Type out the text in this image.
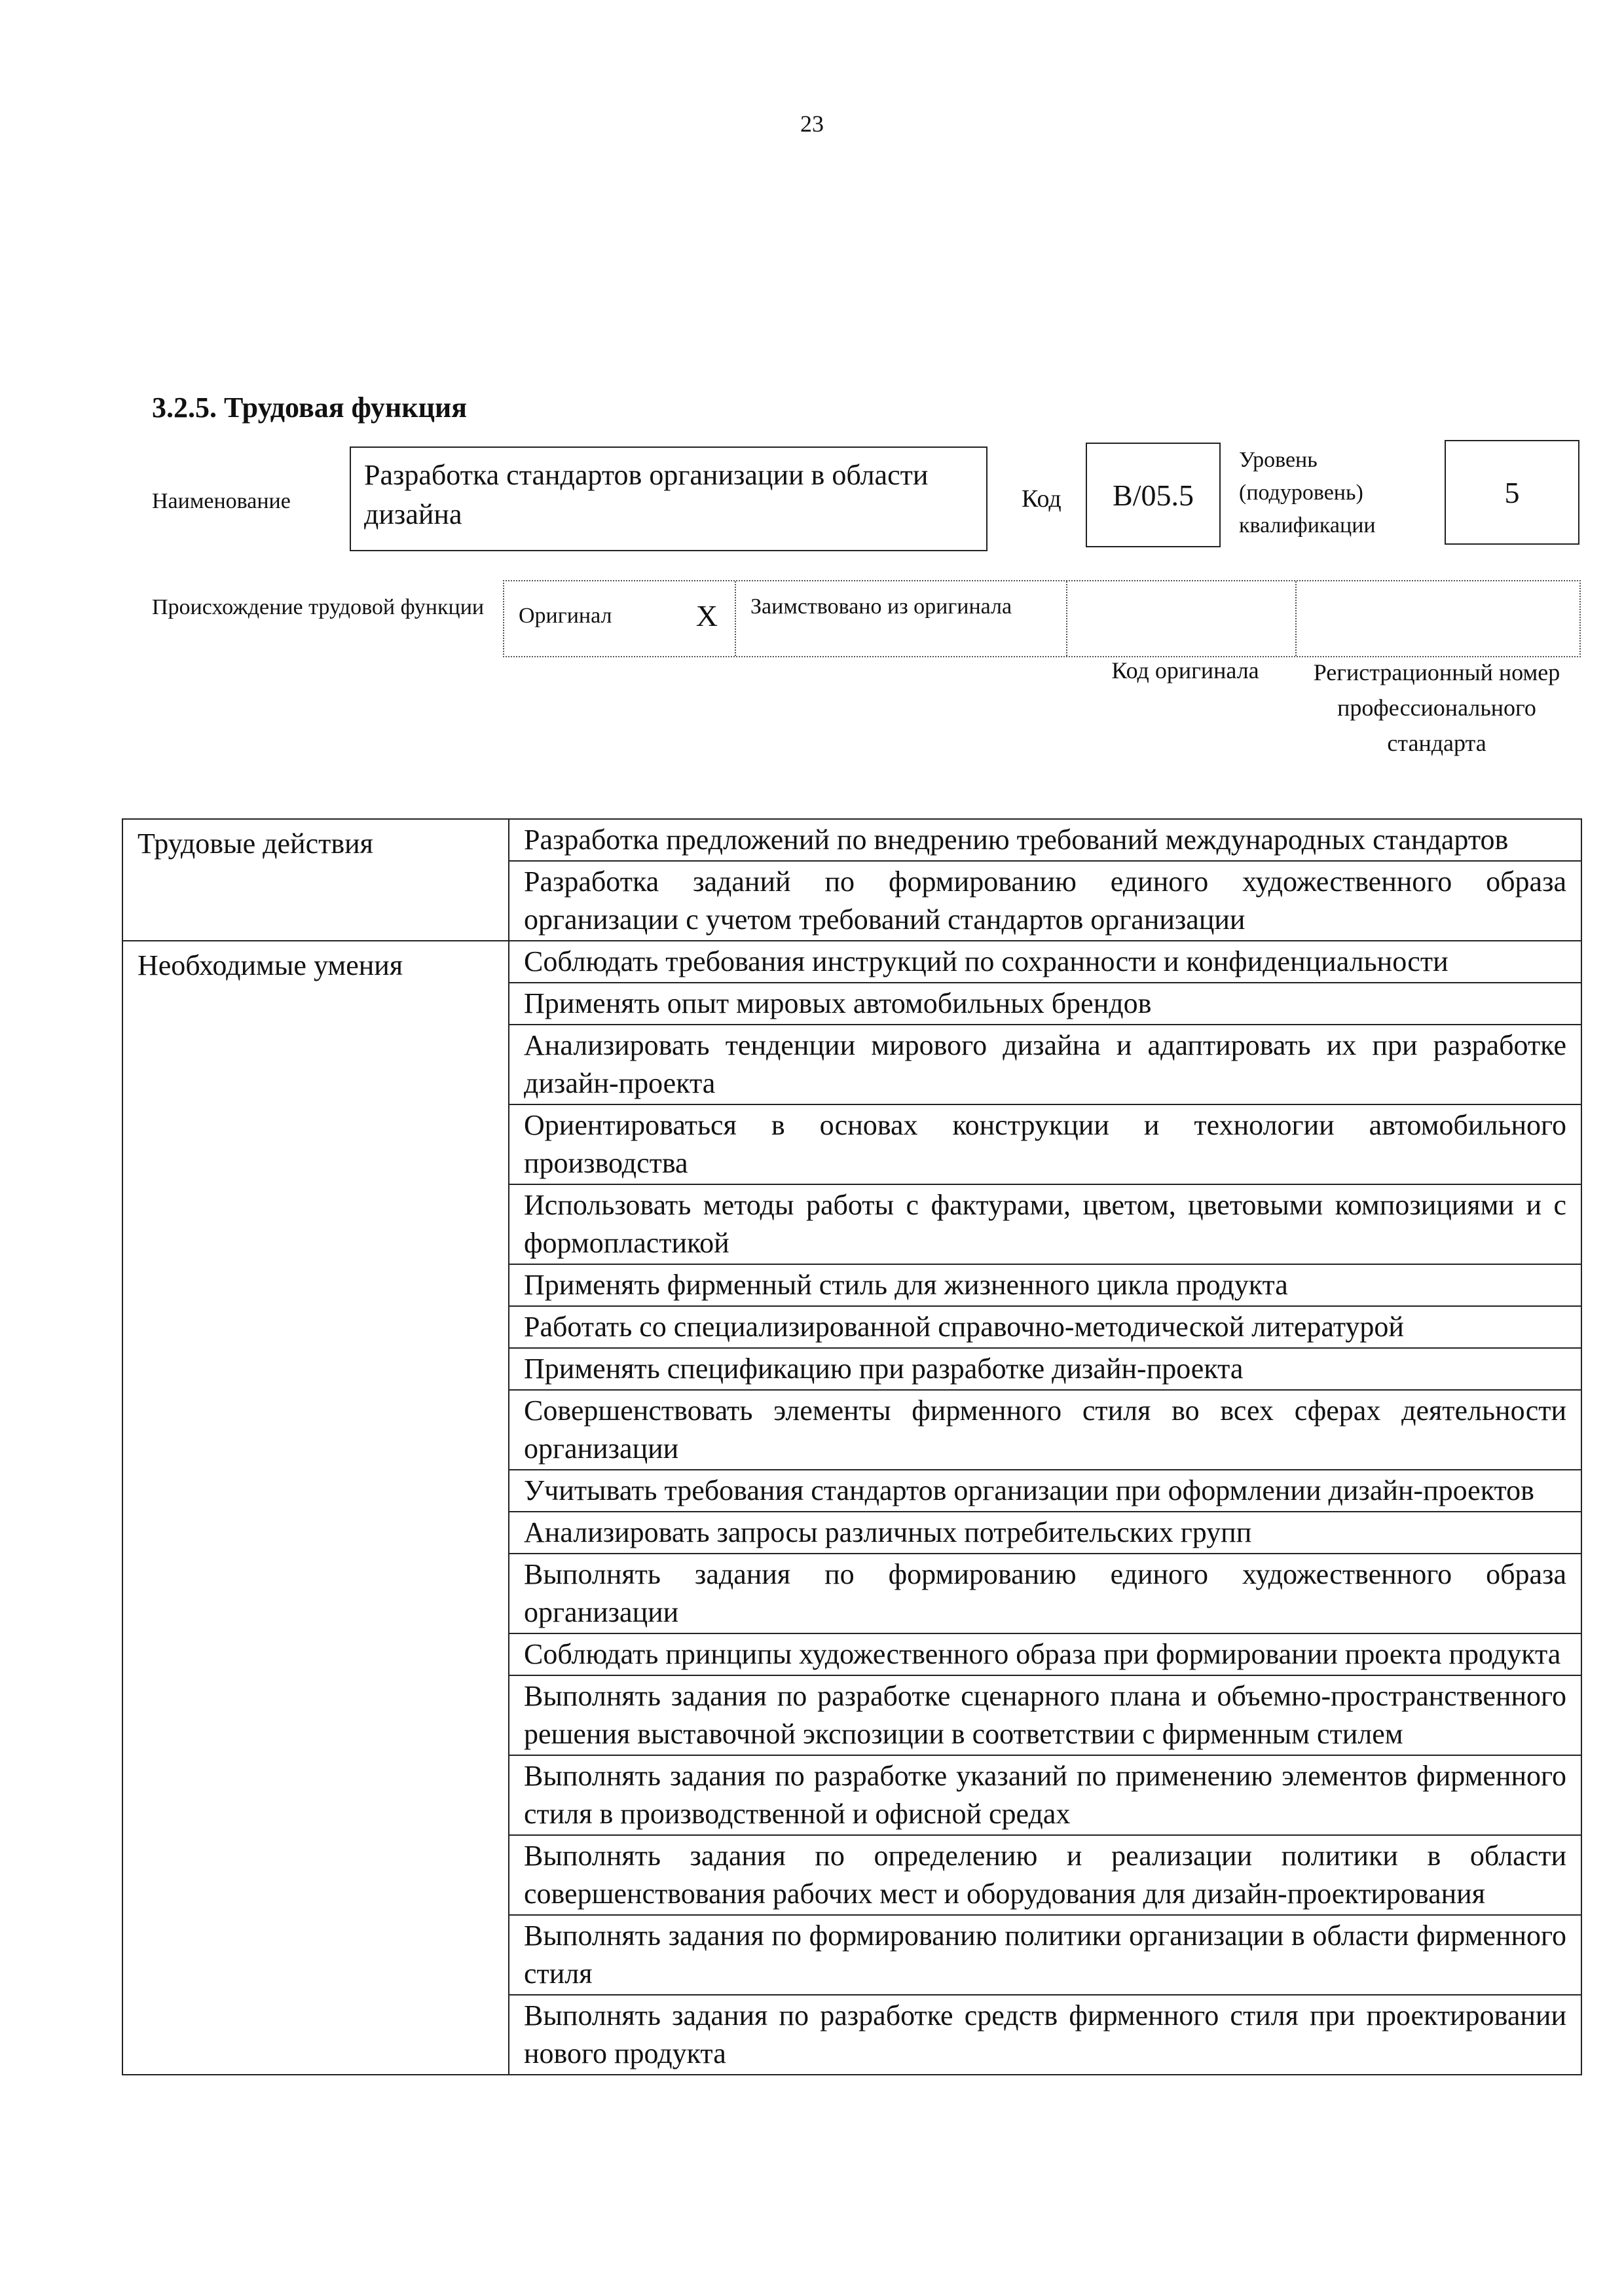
23
3.2.5. Трудовая функция
Наименование
Разработка стандартов организации в области дизайна	Код	B/05.5
Уровень (подуровень) квалификации
5
Происхождение трудовой функции	Оригинал	X	Заимствовано из оригинала
Код оригинала	Регистрационный номер профессионального стандарта
Трудовые действия	Разработка предложений по внедрению требований международных стандартов
	Разработка заданий по формированию единого художественного образа организации с учетом требований стандартов организации
Необходимые умения	Соблюдать требования инструкций по сохранности и конфиденциальности
	Применять опыт мировых автомобильных брендов
	Анализировать тенденции мирового дизайна и адаптировать их при разработке дизайн-проекта
	Ориентироваться в основах конструкции и технологии автомобильного производства
	Использовать методы работы с фактурами, цветом, цветовыми композициями и с формопластикой
	Применять фирменный стиль для жизненного цикла продукта
	Работать со специализированной справочно-методической литературой
	Применять спецификацию при разработке дизайн-проекта
	Совершенствовать элементы фирменного стиля во всех сферах деятельности организации
	Учитывать требования стандартов организации при оформлении дизайн-проектов
	Анализировать запросы различных потребительских групп
	Выполнять задания по формированию единого художественного образа организации
	Соблюдать принципы художественного образа при формировании проекта продукта
	Выполнять задания по разработке сценарного плана и объемно-пространственного решения выставочной экспозиции в соответствии с фирменным стилем
	Выполнять задания по разработке указаний по применению элементов фирменного стиля в производственной и офисной средах
	Выполнять задания по определению и реализации политики в области совершенствования рабочих мест и оборудования для дизайн-проектирования
	Выполнять задания по формированию политики организации в области фирменного стиля
	Выполнять задания по разработке средств фирменного стиля при проектировании нового продукта
